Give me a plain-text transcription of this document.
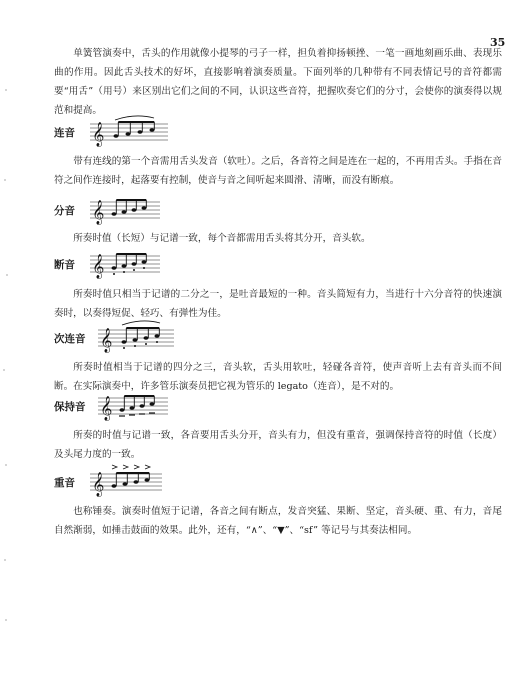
35

单簧管演奏中，舌头的作用就像小提琴的弓子一样，担负着抑扬顿挫、一笔一画地刻画乐曲、表现乐曲的作用。因此舌头技术的好坏，直接影响着演奏质量。下面列举的几种带有不同表情记号的音符都需要“用舌”（用号）来区别出它们之间的不同，认识这些音符，把握吹奏它们的分寸，会使你的演奏得以规范和提高。

连音 𝄞

带有连线的第一个音需用舌头发音（软吐）。之后，各音符之间是连在一起的，不再用舌头。手指在音符之间作连接时，起落要有控制，使音与音之间听起来圆滑、清晰，而没有断痕。

分音 𝄞

所奏时值（长短）与记谱一致，每个音都需用舌头将其分开，音头软。

断音 𝄞

所奏时值只相当于记谱的二分之一，是吐音最短的一种。音头简短有力，当进行十六分音符的快速演奏时，以奏得短促、轻巧、有弹性为佳。

次连音 𝄞

所奏时值相当于记谱的四分之三，音头软，舌头用软吐，轻碰各音符，使声音听上去有音头而不间断。在实际演奏中，许多管乐演奏员把它视为管乐的 legato（连音），是不对的。

保持音 𝄞

所奏的时值与记谱一致，各音要用舌头分开，音头有力，但没有重音，强调保持音符的时值（长度）及头尾力度的一致。

重音 𝄞

也称锤奏。演奏时值短于记谱，各音之间有断点，发音突猛、果断、坚定，音头硬、重、有力，音尾自然渐弱，如捶击鼓面的效果。此外，还有，“∧”、“▼”、“sf” 等记号与其奏法相同。
